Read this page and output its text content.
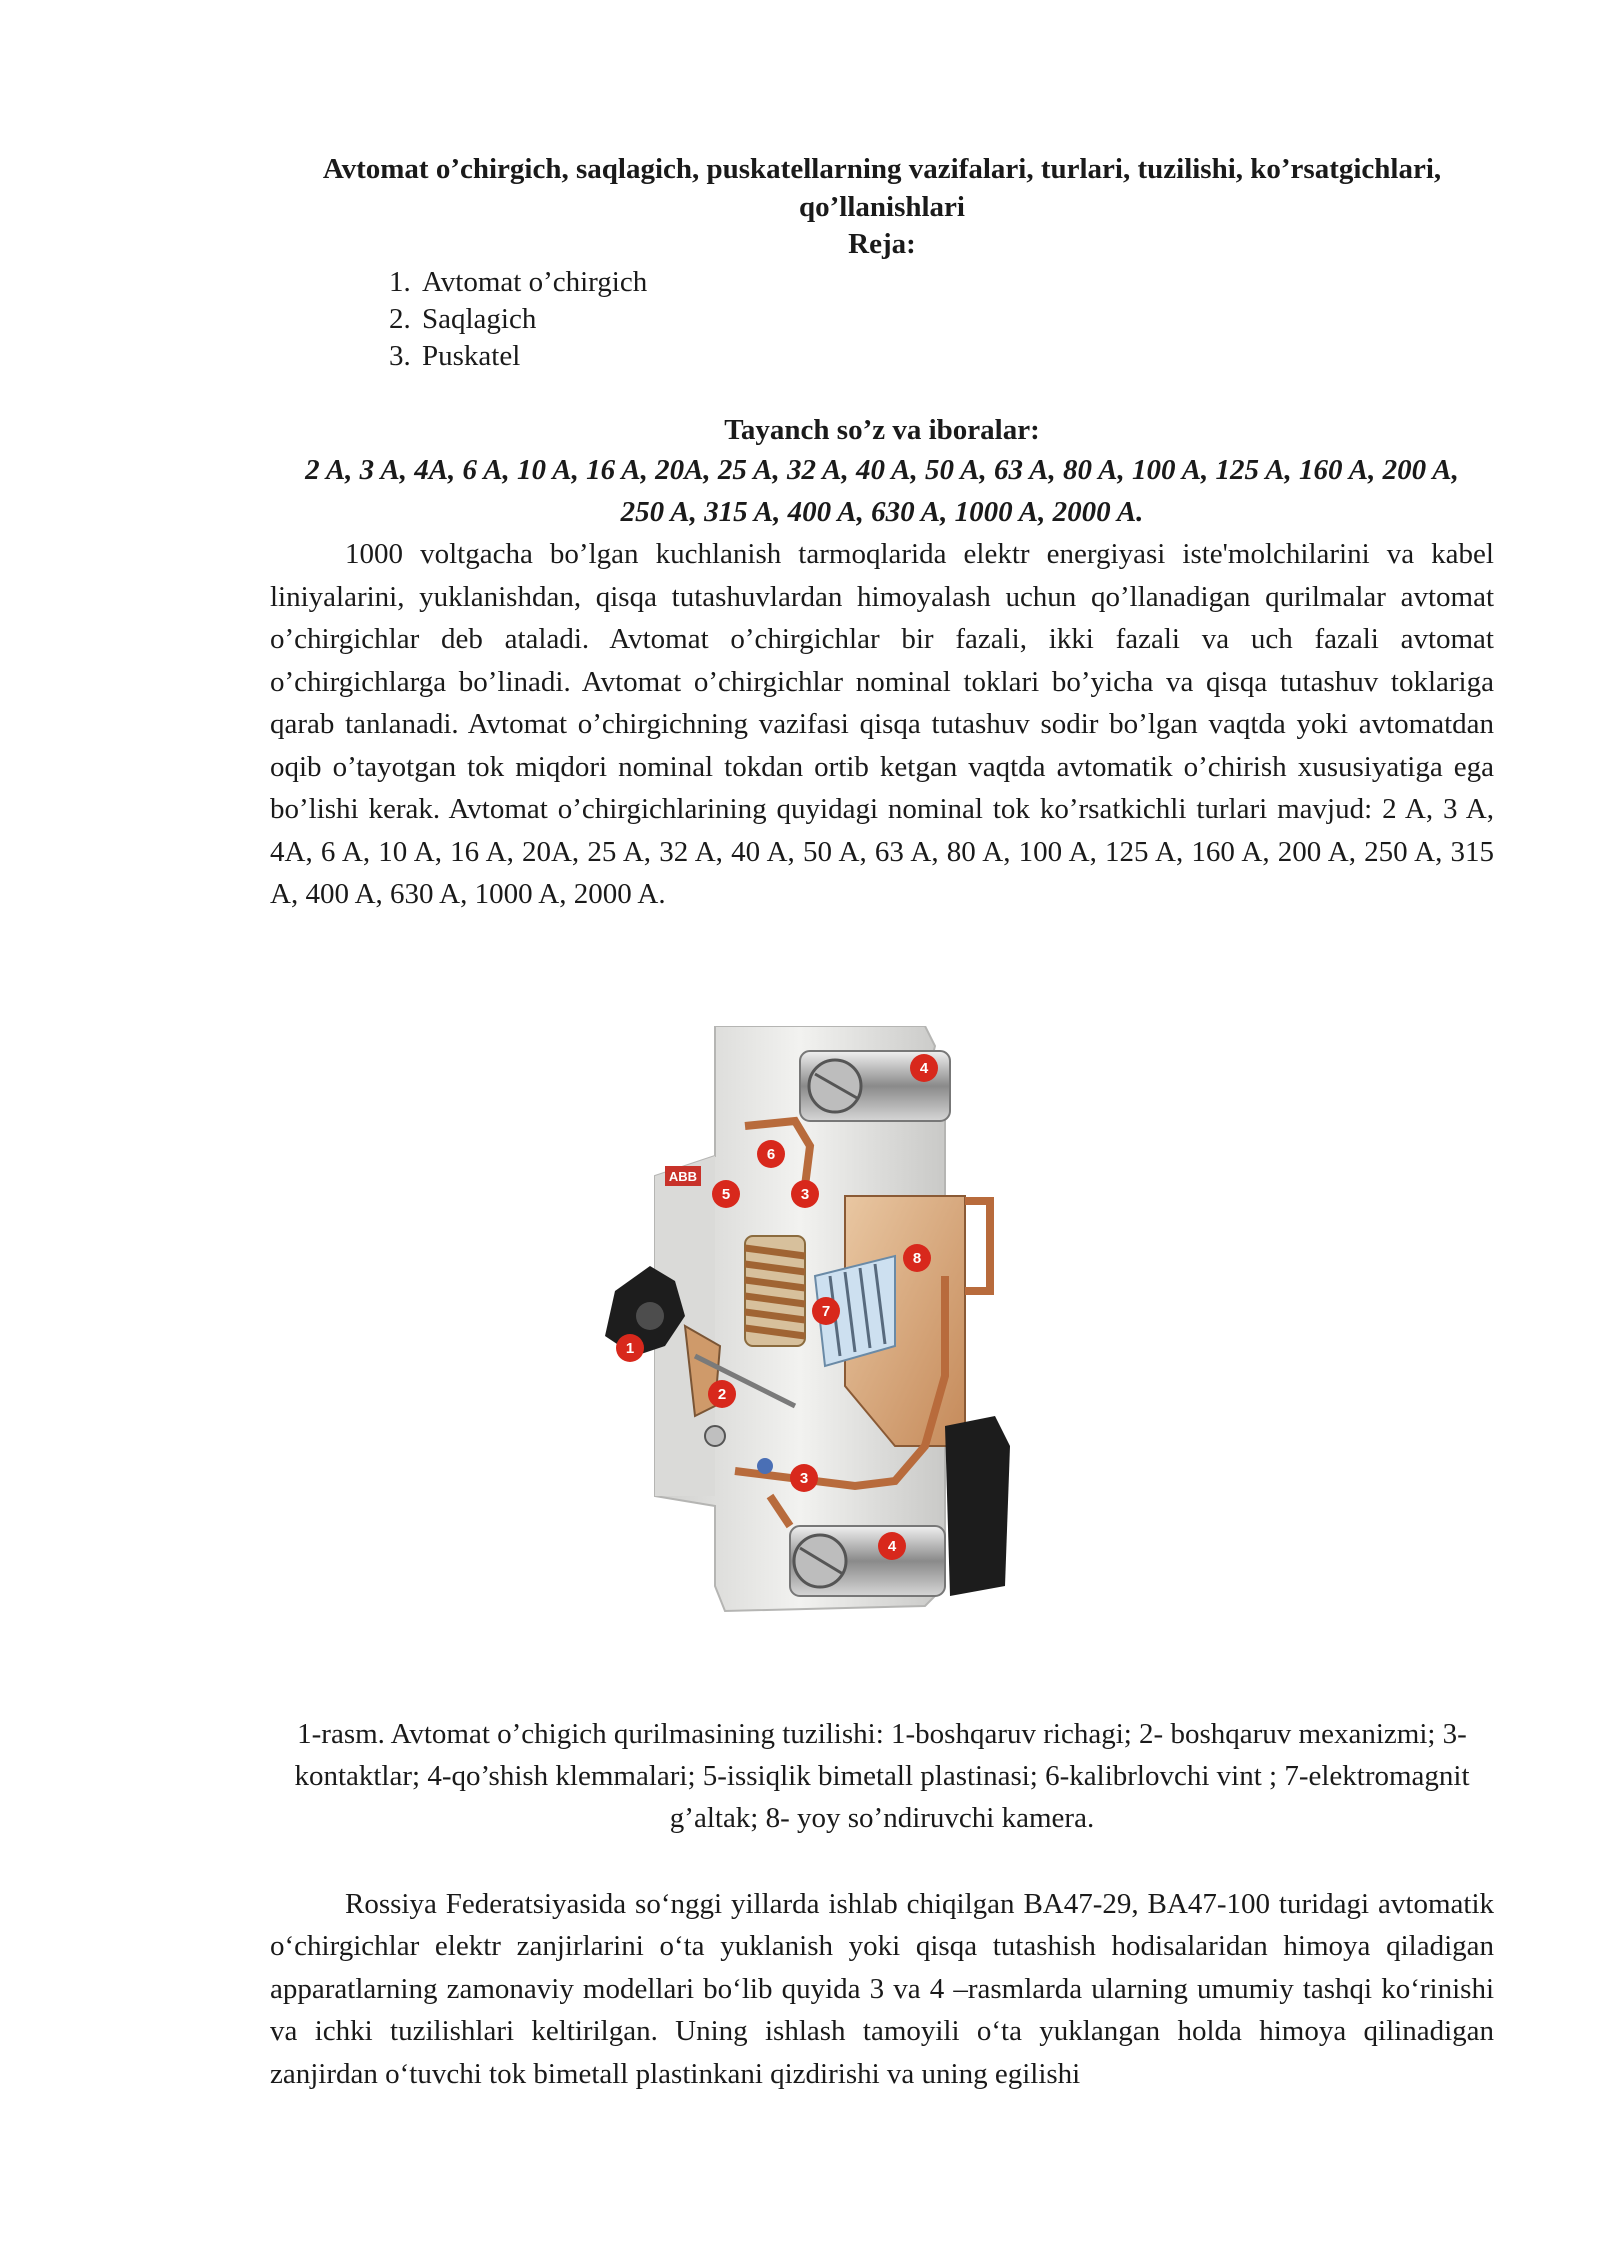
Avtomat o’chirgich, saqlagich, puskatellarning vazifalari, turlari, tuzilishi, ko’rsatgichlari, qo’llanishlari
Reja:
1. Avtomat o’chirgich
2. Saqlagich
3. Puskatel
Tayanch so’z va iboralar:
2 A, 3 A, 4A, 6 A, 10 A, 16 A, 20A, 25 A, 32 A, 40 A, 50 A, 63 A, 80 A, 100 A, 125 A, 160 A, 200 A, 250 A, 315 A, 400 A, 630 A, 1000 A, 2000 A.

1000 voltgacha bo’lgan kuchlanish tarmoqlarida elektr energiyasi iste'molchilarini va kabel liniyalarini, yuklanishdan, qisqa tutashuvlardan himoyalash uchun qo’llanadigan qurilmalar avtomat o’chirgichlar deb ataladi. Avtomat o’chirgichlar bir fazali, ikki fazali va uch fazali avtomat o’chirgichlarga bo’linadi. Avtomat o’chirgichlar nominal toklari bo’yicha va qisqa tutashuv toklariga qarab tanlanadi. Avtomat o’chirgichning vazifasi qisqa tutashuv sodir bo’lgan vaqtda yoki avtomatdan oqib o’tayotgan tok miqdori nominal tokdan ortib ketgan vaqtda avtomatik o’chirish xususiyatiga ega bo’lishi kerak. Avtomat o’chirgichlarining quyidagi nominal tok ko’rsatkichli turlari mavjud: 2 A, 3 A, 4A, 6 A, 10 A, 16 A, 20A, 25 A, 32 A, 40 A, 50 A, 63 A, 80 A, 100 A, 125 A, 160 A, 200 A, 250 A, 315 A, 400 A, 630 A, 1000 A, 2000 A.

ABB
4
6
5	3
8
7
1
2
3
4

1-rasm. Avtomat o’chigich qurilmasining tuzilishi: 1-boshqaruv richagi; 2- boshqaruv mexanizmi; 3-kontaktlar; 4-qo’shish klemmalari; 5-issiqlik bimetall plastinasi; 6-kalibrlovchi vint ; 7-elektromagnit g’altak; 8- yoy so’ndiruvchi kamera.

Rossiya Federatsiyasida so‘nggi yillarda ishlab chiqilgan BA47-29, BA47-100 turidagi avtomatik o‘chirgichlar elektr zanjirlarini o‘ta yuklanish yoki qisqa tutashish hodisalaridan himoya qiladigan apparatlarning zamonaviy modellari bo‘lib quyida 3 va 4 –rasmlarda ularning umumiy tashqi ko‘rinishi va ichki tuzilishlari keltirilgan. Uning ishlash tamoyili o‘ta yuklangan holda himoya qilinadigan zanjirdan o‘tuvchi tok bimetall plastinkani qizdirishi va uning egilishi
